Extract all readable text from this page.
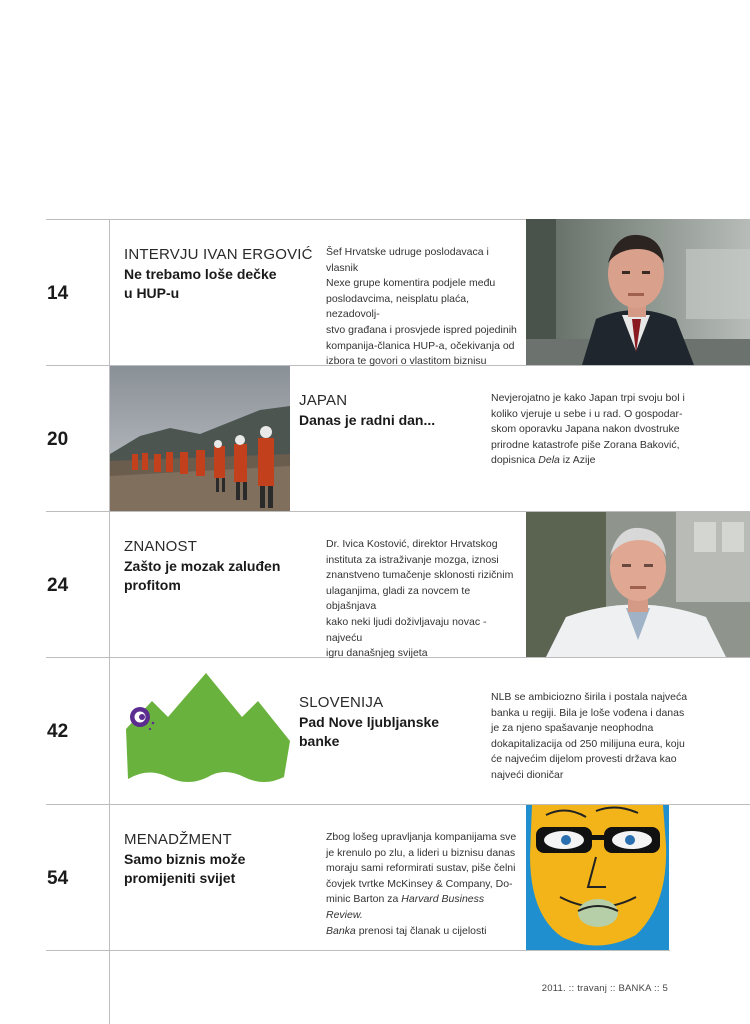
14
INTERVJU IVAN ERGOVIĆ
Ne trebamo loše dečke
u HUP-u
Šef Hrvatske udruge poslodavaca i vlasnik
Nexe grupe komentira podjele među
poslodavcima, neisplatu plaća, nezadovolj-
stvo građana i prosvjede ispred pojedinih
kompanija-članica HUP-a, očekivanja od
izbora te govori o vlastitom biznisu
20
JAPAN
Danas je radni dan...
Nevjerojatno je kako Japan trpi svoju bol i
koliko vjeruje u sebe i u rad. O gospodar-
skom oporavku Japana nakon dvostruke
prirodne katastrofe piše Zorana Baković,
dopisnica Dela iz Azije
24
ZNANOST
Zašto je mozak zaluđen
profitom
Dr. Ivica Kostović, direktor Hrvatskog
instituta za istraživanje mozga, iznosi
znanstveno tumačenje sklonosti rizičnim
ulaganjima, gladi za novcem te objašnjava
kako neki ljudi doživljavaju novac - najveću
igru današnjeg svijeta
42
SLOVENIJA
Pad Nove ljubljanske
banke
NLB se ambiciozno širila i postala najveća
banka u regiji. Bila je loše vođena i danas
je za njeno spašavanje neophodna
dokapitalizacija od 250 milijuna eura, koju
će najvećim dijelom provesti država kao
najveći dioničar
54
MENADŽMENT
Samo biznis može
promijeniti svijet
Zbog lošeg upravljanja kompanijama sve
je krenulo po zlu, a lideri u biznisu danas
moraju sami reformirati sustav, piše čelni
čovjek tvrtke McKinsey & Company, Do-
minic Barton za Harvard Business Review.
Banka prenosi taj članak u cijelosti
2011. :: travanj :: BANKA :: 5
